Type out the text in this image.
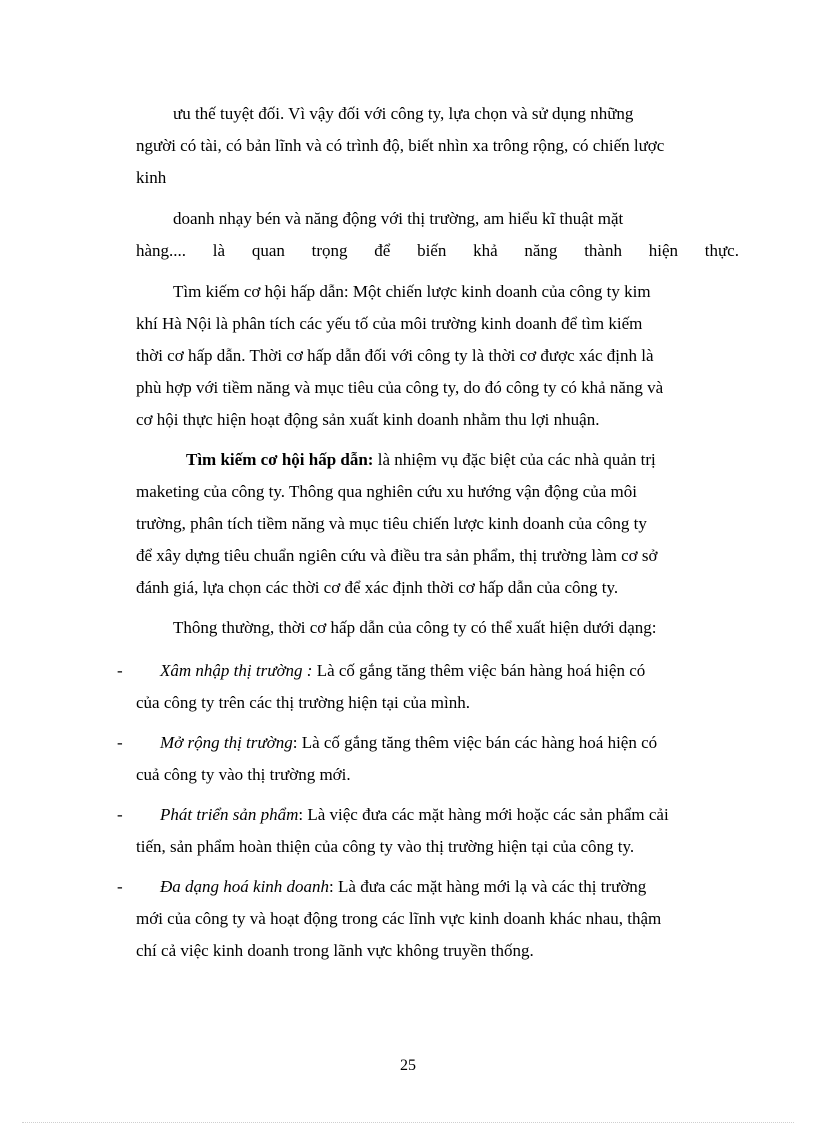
ưu thế tuyệt đối. Vì vậy đối với công ty, lựa chọn và sử dụng những
người có tài, có bản lĩnh và có trình độ, biết nhìn xa trông rộng, có chiến lược
kinh
doanh nhạy bén và năng động với thị trường, am hiểu kĩ thuật mặt
hàng.... là quan trọng để biến khả năng thành hiện thực.
Tìm kiếm cơ hội hấp dẫn: Một chiến lược kinh doanh của công ty kim
khí Hà Nội là phân tích các yếu tố của môi trường kinh doanh để tìm kiếm
thời cơ hấp dẫn. Thời cơ hấp dẫn đối với công ty là thời cơ được xác định là
phù hợp với tiềm năng và mục tiêu của công ty, do đó công ty có khả năng và
cơ hội thực hiện hoạt động sản xuất kinh doanh nhằm thu lợi nhuận.
Tìm kiếm cơ hội hấp dẫn: là nhiệm vụ đặc biệt của các nhà quản trị
maketing của công ty. Thông qua nghiên cứu xu hướng vận động của môi
trường, phân tích tiềm năng và mục tiêu chiến lược kinh doanh của công ty
để xây dựng tiêu chuẩn ngiên cứu và điều tra sản phẩm, thị trường làm cơ sở
đánh giá, lựa chọn các thời cơ để xác định thời cơ hấp dẫn của công ty.
Thông thường, thời cơ hấp dẫn của công ty có thể xuất hiện dưới dạng:
-	Xâm nhập thị trường : Là cố gắng tăng thêm việc bán hàng hoá hiện có
của công ty trên các thị trường hiện tại của mình.
-	Mở rộng thị trường: Là cố gắng tăng thêm việc bán các hàng hoá hiện có
cuả công ty vào thị trường mới.
-	Phát triển sản phẩm: Là việc đưa các mặt hàng mới hoặc các sản phẩm cải
tiến, sản phẩm hoàn thiện của công ty vào thị trường hiện tại của công ty.
-	Đa dạng hoá kinh doanh: Là đưa các mặt hàng mới lạ và các thị trường
mới của công ty và hoạt động trong các lĩnh vực kinh doanh khác nhau, thậm
chí cả việc kinh doanh trong lãnh vực không truyền thống.
25
